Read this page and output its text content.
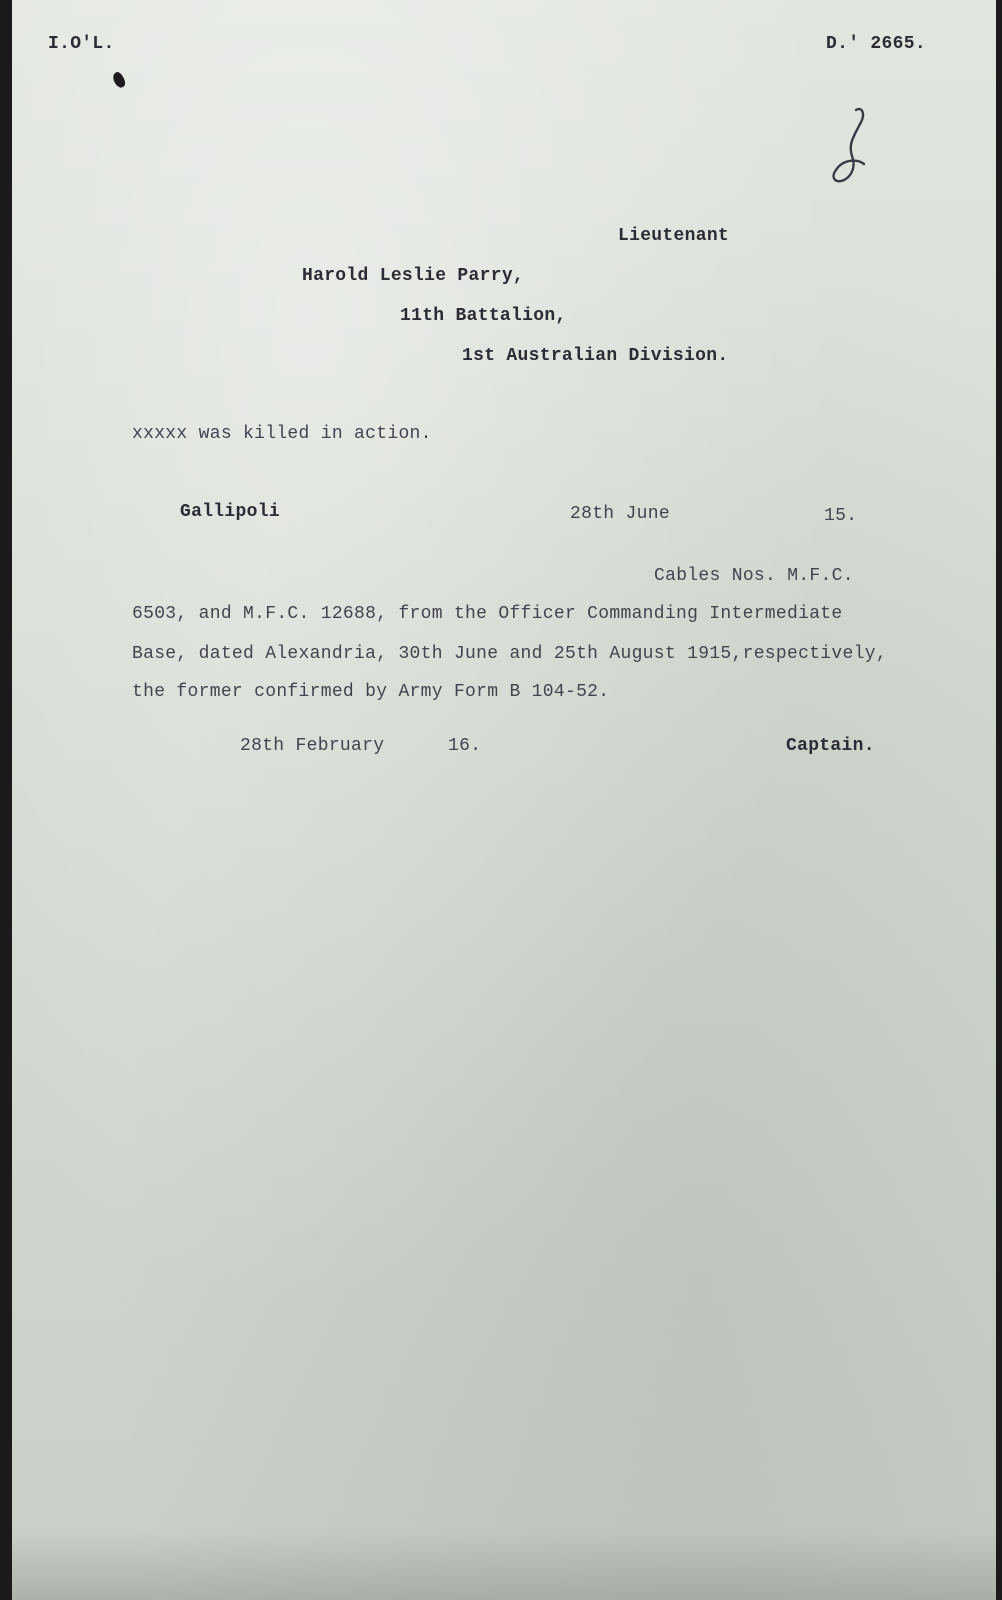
I.O'L.	D.' 2665.
Lieutenant
Harold Leslie Parry,
11th Battalion,
1st Australian Division.
xxxxx was killed in action.
Gallipoli	28th June	15.
Cables Nos. M.F.C.
6503, and M.F.C. 12688, from the Officer Commanding Intermediate
Base, dated Alexandria, 30th June and 25th August 1915,respectively,
the former confirmed by Army Form B 104-52.
28th February	16.	Captain.
